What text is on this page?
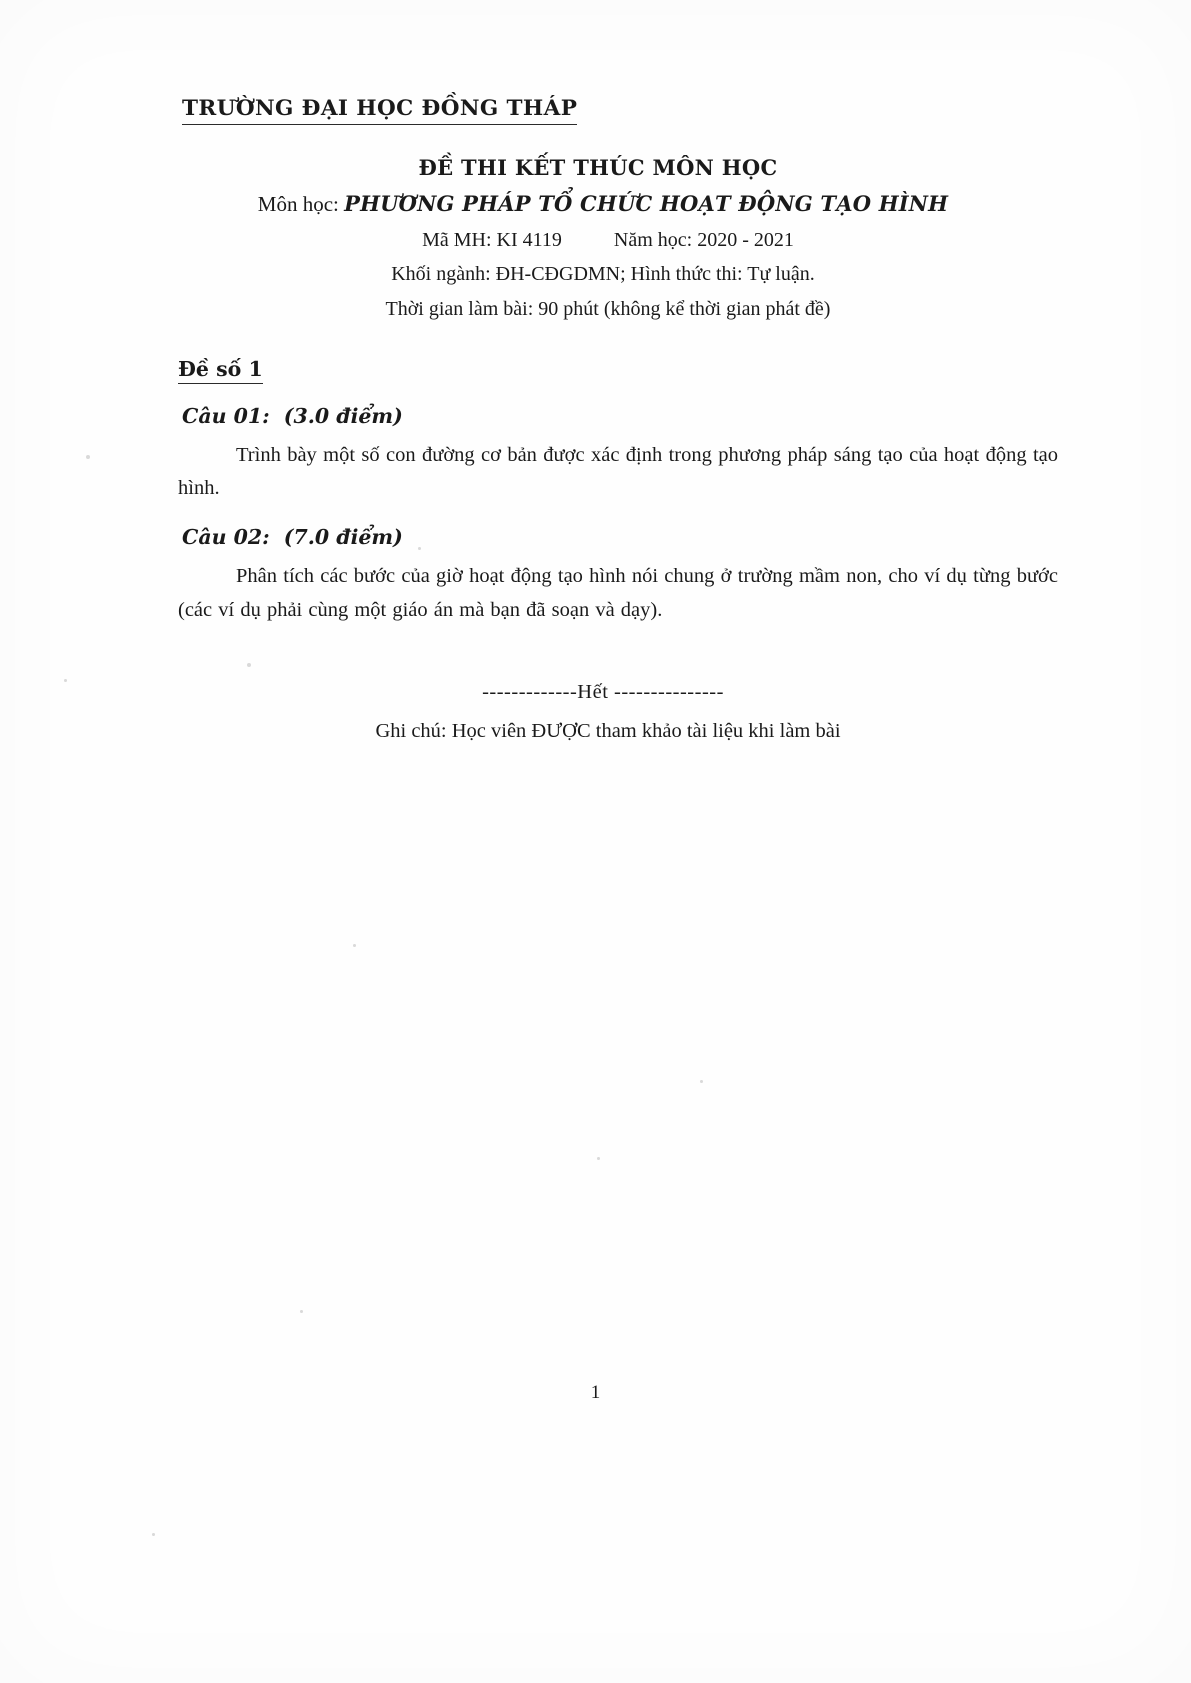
TRƯỜNG ĐẠI HỌC ĐỒNG THÁP
ĐỀ THI KẾT THÚC MÔN HỌC
Môn học: PHƯƠNG PHÁP TỔ CHỨC HOẠT ĐỘNG TẠO HÌNH
Mã MH: KI 4119	Năm học: 2020 - 2021
Khối ngành: ĐH-CĐGDMN; Hình thức thi: Tự luận.
Thời gian làm bài: 90 phút (không kể thời gian phát đề)
Đề số 1
Câu 01: (3.0 điểm)
Trình bày một số con đường cơ bản được xác định trong phương pháp sáng tạo của hoạt động tạo hình.
Câu 02: (7.0 điểm)
Phân tích các bước của giờ hoạt động tạo hình nói chung ở trường mầm non, cho ví dụ từng bước (các ví dụ phải cùng một giáo án mà bạn đã soạn và dạy).
-------------Hết ---------------
Ghi chú: Học viên ĐƯỢC tham khảo tài liệu khi làm bài
1
